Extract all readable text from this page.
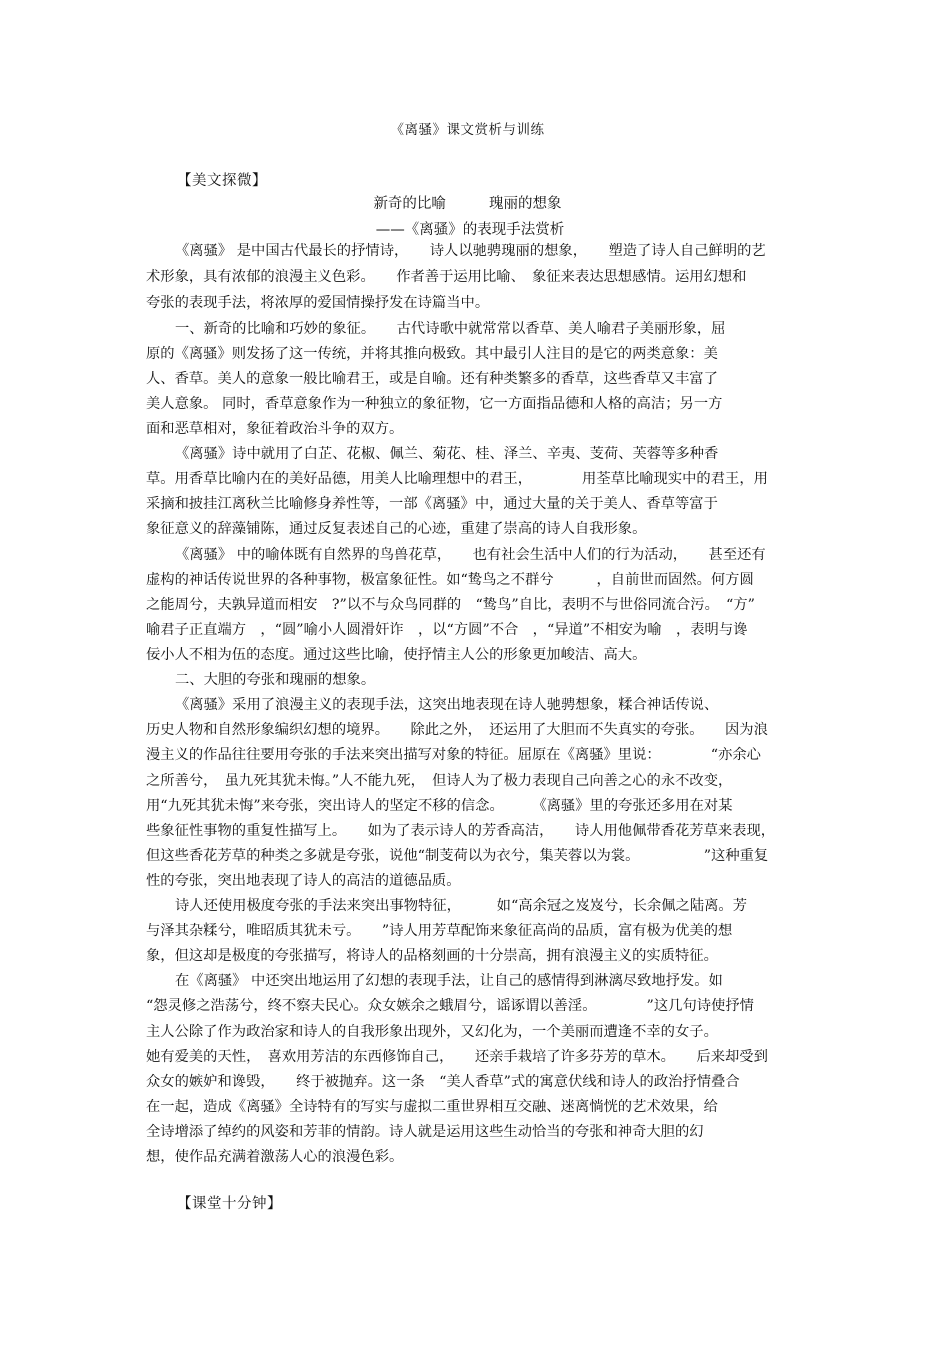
《离骚》课文赏析与训练
【美文探微】
新奇的比喻　 瑰丽的想象
——《离骚》的表现手法赏析
《离骚》 是中国古代最长的抒情诗，　　诗人以驰骋瑰丽的想象，　　塑造了诗人自己鲜明的艺
术形象，具有浓郁的浪漫主义色彩。　　作者善于运用比喻、　象征来表达思想感情。运用幻想和
夸张的表现手法，将浓厚的爱国情操抒发在诗篇当中。
一、新奇的比喻和巧妙的象征。　　古代诗歌中就常常以香草、美人喻君子美丽形象，屈
原的《离骚》则发扬了这一传统，并将其推向极致。其中最引人注目的是它的两类意象：美
人、香草。美人的意象一般比喻君王，或是自喻。还有种类繁多的香草，这些香草又丰富了
美人意象。 同时，香草意象作为一种独立的象征物，它一方面指品德和人格的高洁；另一方
面和恶草相对，象征着政治斗争的双方。
《离骚》诗中就用了白芷、花椒、佩兰、菊花、桂、泽兰、辛夷、芰荷、芙蓉等多种香
草。用香草比喻内在的美好品德，用美人比喻理想中的君王，　　　　用荃草比喻现实中的君王，用
采摘和披挂江离秋兰比喻修身养性等，一部《离骚》中，通过大量的关于美人、香草等富于
象征意义的辞藻铺陈，通过反复表述自己的心迹，重建了崇高的诗人自我形象。
《离骚》 中的喻体既有自然界的鸟兽花草，　　也有社会生活中人们的行为活动，　　甚至还有
虚构的神话传说世界的各种事物，极富象征性。如“鸷鸟之不群兮　　　，自前世而固然。何方圆
之能周兮，夫孰异道而相安　?”以不与众鸟同群的　“鸷鸟”自比，表明不与世俗同流合污。　“方”
喻君子正直端方　，“圆”喻小人圆滑奸诈　，以“方圆”不合　，“异道”不相安为喻　，表明与谗
佞小人不相为伍的态度。通过这些比喻，使抒情主人公的形象更加峻洁、高大。
二、大胆的夸张和瑰丽的想象。
《离骚》采用了浪漫主义的表现手法，这突出地表现在诗人驰骋想象，糅合神话传说、
历史人物和自然形象编织幻想的境界。　　除此之外，　还运用了大胆而不失真实的夸张。　　因为浪
漫主义的作品往往要用夸张的手法来突出描写对象的特征。屈原在《离骚》里说：　　　　“亦余心
之所善兮，　虽九死其犹未悔。”人不能九死，　但诗人为了极力表现自己向善之心的永不改变，
用“九死其犹未悔”来夸张，突出诗人的坚定不移的信念。　　　《离骚》里的夸张还多用在对某
些象征性事物的重复性描写上。　　如为了表示诗人的芳香高洁，　　诗人用他佩带香花芳草来表现，
但这些香花芳草的种类之多就是夸张，说他“制芰荷以为衣兮，集芙蓉以为裳。　　　　　”这种重复
性的夸张，突出地表现了诗人的高洁的道德品质。
诗人还使用极度夸张的手法来突出事物特征，　　　如“高余冠之岌岌兮，长余佩之陆离。芳
与泽其杂糅兮，唯昭质其犹未亏。　　”诗人用芳草配饰来象征高尚的品质，富有极为优美的想
象，但这却是极度的夸张描写，将诗人的品格刻画的十分崇高，拥有浪漫主义的实质特征。
在《离骚》 中还突出地运用了幻想的表现手法，让自己的感情得到淋漓尽致地抒发。如
“怨灵修之浩荡兮，终不察夫民心。众女嫉余之蛾眉兮，谣诼谓以善淫。　　　　”这几句诗使抒情
主人公除了作为政治家和诗人的自我形象出现外，又幻化为，一个美丽而遭逢不幸的女子。
她有爱美的天性，　喜欢用芳洁的东西修饰自己，　　还亲手栽培了许多芬芳的草木。　　后来却受到
众女的嫉妒和谗毁，　　终于被抛弃。这一条　“美人香草”式的寓意伏线和诗人的政治抒情叠合
在一起，造成《离骚》全诗特有的写实与虚拟二重世界相互交融、迷离惝恍的艺术效果，给
全诗增添了绰约的风姿和芳菲的情韵。诗人就是运用这些生动恰当的夸张和神奇大胆的幻
想，使作品充满着激荡人心的浪漫色彩。
【课堂十分钟】
